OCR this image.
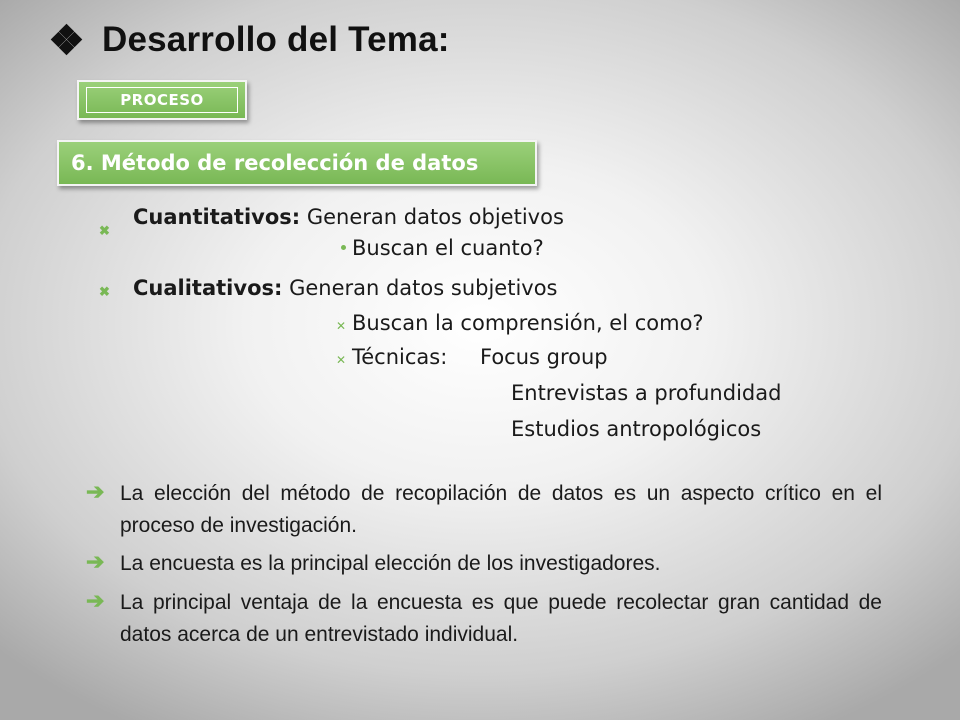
Desarrollo del Tema:
PROCESO
6. Método de recolección de datos
✖
Cuantitativos: Generan datos objetivos
Buscan el cuanto?
✖ Cualitativos: Generan datos subjetivos
✕ Buscan la comprensión, el como?
✕ Técnicas: Focus group
Entrevistas a profundidad
Estudios antropológicos
➔ La elección del método de recopilación de datos es un aspecto crítico en el proceso de investigación.
➔ La encuesta es la principal elección de los investigadores.
➔ La principal ventaja de la encuesta es que puede recolectar gran cantidad de datos acerca de un entrevistado individual.
